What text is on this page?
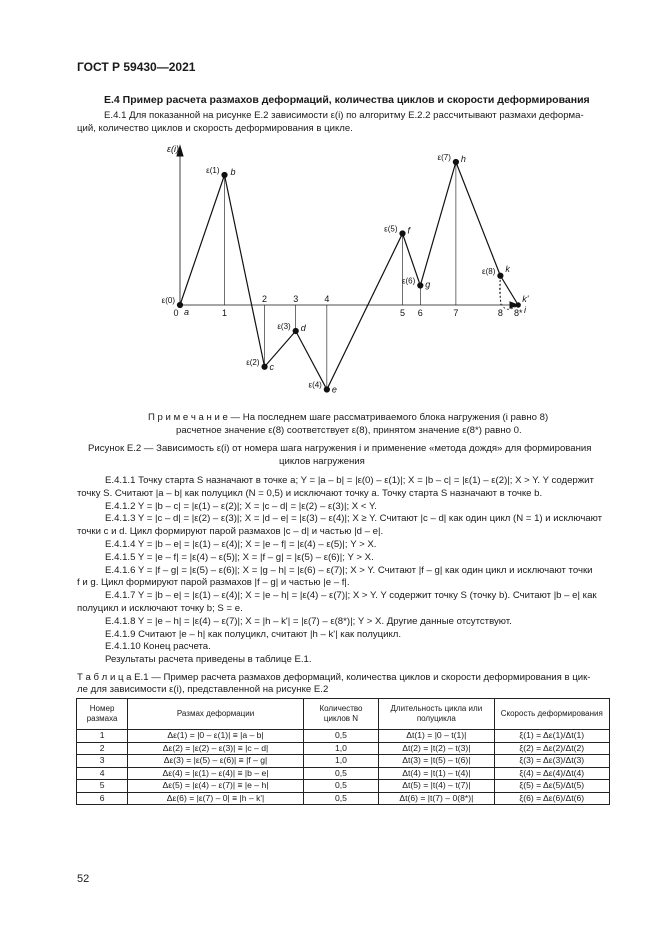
ГОСТ Р 59430—2021
E.4 Пример расчета размахов деформаций, количества циклов и скорости деформирования
E.4.1 Для показанной на рисунке E.2 зависимости ε(i) по алгоритму E.2.2 рассчитывают размахи деформа-
ций, количество циклов и скорость деформирования в цикле.
ε(i)
i
a
b
c
d
e
f
g
h
k
k'
ε(0)
ε(1)
ε(2)
ε(3)
ε(4)
ε(5)
ε(6)
ε(7)
ε(8)
0	1
2	3	4
5 6	7	8 8*
П р и м е ч а н и е — На последнем шаге рассматриваемого блока нагружения (i равно 8)
расчетное значение ε(8) соответствует ε(8), принятом значение ε(8*) равно 0.
Рисунок E.2 — Зависимость ε(i) от номера шага нагружения i и применение «метода дождя» для формирования
циклов нагружения
E.4.1.1 Точку старта S назначают в точке a; Y = |a – b| = |ε(0) – ε(1)|; X = |b – c| = |ε(1) – ε(2)|; X > Y. Y содержит
точку S. Считают |a – b| как полуцикл (N = 0,5) и исключают точку a. Точку старта S назначают в точке b.
E.4.1.2 Y = |b – c| = |ε(1) – ε(2)|; X = |c – d| = |ε(2) – ε(3)|; X < Y.
E.4.1.3 Y = |c – d| = |ε(2) – ε(3)|; X = |d – e| = |ε(3) – ε(4)|; X ≥ Y. Считают |c – d| как один цикл (N = 1) и исключают
точки c и d. Цикл формируют парой размахов |c – d| и частью |d – e|.
E.4.1.4 Y = |b – e| = |ε(1) – ε(4)|; X = |e – f| = |ε(4) – ε(5)|; Y > X.
E.4.1.5 Y = |e – f| = |ε(4) – ε(5)|; X = |f – g| = |ε(5) – ε(6)|; Y > X.
E.4.1.6 Y = |f – g| = |ε(5) – ε(6)|; X = |g – h| = |ε(6) – ε(7)|; X > Y. Считают |f – g| как один цикл и исключают точки
f и g. Цикл формируют парой размахов |f – g| и частью |e – f|.
E.4.1.7 Y = |b – e| = |ε(1) – ε(4)|; X = |e – h| = |ε(4) – ε(7)|; X > Y. Y содержит точку S (точку b). Считают |b – e| как
полуцикл и исключают точку b; S = e.
E.4.1.8 Y = |e – h| = |ε(4) – ε(7)|; X = |h – k'| = |ε(7) – ε(8*)|; Y > X. Другие данные отсутствуют.
E.4.1.9 Считают |e – h| как полуцикл, считают |h – k'| как полуцикл.
E.4.1.10 Конец расчета.
Результаты расчета приведены в таблице E.1.
Т а б л и ц а E.1 — Пример расчета размахов деформаций, количества циклов и скорости деформирования в цик-
ле для зависимости ε(i), представленной на рисунке E.2
Номер размаха	Размах деформации	Количество циклов N	Длительность цикла или полуцикла	Скорость деформирования
1	Δε(1) = |0 – ε(1)| ≡ |a – b|	0,5	Δt(1) = |0 – t(1)|	ξ(1) = Δε(1)/Δt(1)
2	Δε(2) = |ε(2) – ε(3)| ≡ |c – d|	1,0	Δt(2) = |t(2) – t(3)|	ξ(2) = Δε(2)/Δt(2)
3	Δε(3) = |ε(5) – ε(6)| ≡ |f – g|	1,0	Δt(3) = |t(5) – t(6)|	ξ(3) = Δε(3)/Δt(3)
4	Δε(4) = |ε(1) – ε(4)| ≡ |b – e|	0,5	Δt(4) = |t(1) – t(4)|	ξ(4) = Δε(4)/Δt(4)
5	Δε(5) = |ε(4) – ε(7)| ≡ |e – h|	0,5	Δt(5) = |t(4) – t(7)|	ξ(5) = Δε(5)/Δt(5)
6	Δε(6) = |ε(7) – 0| ≡ |h – k'|	0,5	Δt(6) = |t(7) – 0(8*)|	ξ(6) = Δε(6)/Δt(6)
52
